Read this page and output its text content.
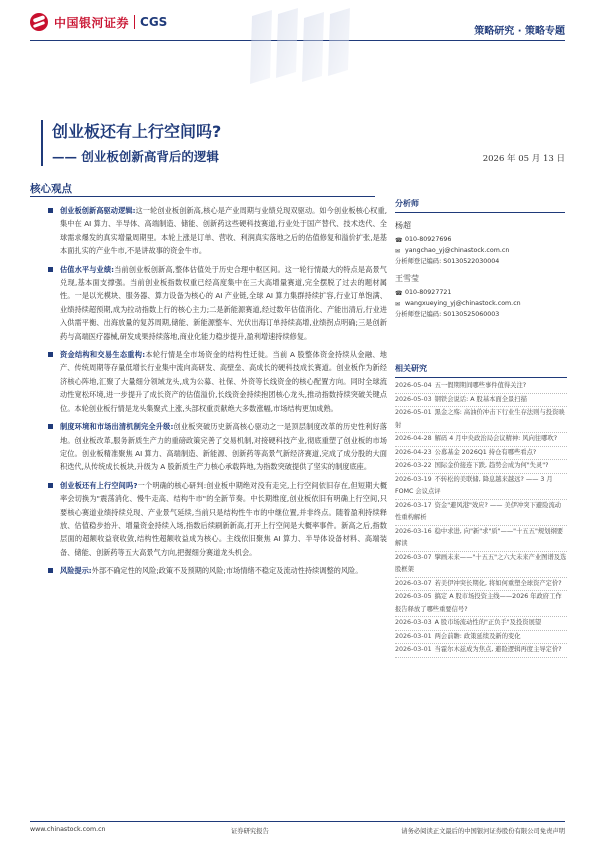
中国银河证券 CGS
策略研究 · 策略专题
创业板还有上行空间吗?
—— 创业板创新高背后的逻辑	2026 年 05 月 13 日
核心观点
创业板创新高驱动逻辑:这一轮创业板创新高,核心是产业周期与业绩兑现双驱动。如今创业板核心权重,集中在 AI 算力、半导体、高端制造、储能、创新药这些硬科技赛道,行业处于国产替代、技术迭代、全球需求爆发的真实增量周期里。本轮上涨是订单、营收、利润真实落地之后的估值修复和溢价扩张,是基本面扎实的产业牛市,不是讲故事的资金牛市。
估值水平与业绩:当前创业板创新高,整体估值处于历史合理中枢区间。这一轮行情最大的特点是高景气兑现,基本面支撑强。当前创业板指数权重已经高度集中在三大高增量赛道,完全摆脱了过去的题材属性。一是以光模块、服务器、算力设备为核心的 AI 产业链,全球 AI 算力集群持续扩容,行业订单饱满、业绩持续超预期,成为拉动指数上行的核心主力;二是新能源赛道,经过数年估值消化、产能出清后,行业进入供需平衡、出海放量的复苏周期,储能、新能源整车、光伏出海订单持续高增,业绩拐点明确;三是创新药与高端医疗器械,研发成果持续落地,商业化能力稳步提升,盈利增速持续修复。
资金结构和交易生态重构:本轮行情是全市场资金的结构性迁徙。当前 A 股整体资金持续从金融、地产、传统周期等存量低增长行业集中流向高研发、高壁垒、高成长的硬科技成长赛道。创业板作为新经济核心阵地,汇聚了大量细分领域龙头,成为公募、社保、外资等长线资金的核心配置方向。同时全球流动性宽松环境,进一步提升了成长资产的估值溢价,长线资金持续抱团核心龙头,推动指数持续突破关键点位。本轮创业板行情是龙头集聚式上涨,头部权重贡献绝大多数涨幅,市场结构更加成熟。
制度环境和市场出清机制完全升级:创业板突破历史新高核心驱动之一是顶层制度改革的历史性利好落地。创业板改革,服务新质生产力的重磅政策完善了交易机制,对接硬科技产业,彻底重塑了创业板的市场定位。创业板精准聚焦 AI 算力、高端制造、新能源、创新药等高景气新经济赛道,完成了成分股的大面积迭代,从传统成长板块,升级为 A 股新质生产力核心承载阵地,为指数突破提供了坚实的制度底座。
创业板还有上行空间吗?一个明确的核心研判:创业板中期绝对没有走完,上行空间依旧存在,但短期大概率会切换为"震荡消化、慢牛走高、结构牛市"的全新节奏。中长期维度,创业板依旧有明确上行空间,只要核心赛道业绩持续兑现、产业景气延续,当前只是结构性牛市的中继位置,并非终点。随着盈利持续释放、估值稳步抬升、增量资金持续入场,指数后续刷新新高,打开上行空间是大概率事件。新高之后,指数层面的超额收益衰收敛,结构性超额收益成为核心。主线依旧聚焦 AI 算力、半导体设备材料、高端装备、储能、创新药等五大高景气方向,把握细分赛道龙头机会。
风险提示:外部不确定性的风险;政策不及预期的风险;市场情绪不稳定及流动性持续调整的风险。
分析师
杨超
☎ 010-80927696
✉ yangchao_yj@chinastock.com.cn
分析师登记编码: S0130522030004
王雪莹
☎ 010-80927721
✉ wangxueying_yj@chinastock.com.cn
分析师登记编码: S0130525060003
相关研究
2026-05-04 五一假期期间哪些事件值得关注?
2026-05-03 钢铁会说话: A 股基本面全景扫描
2026-05-01 黑金之殇: 高油价冲击下行业生存法则与投资映射
2026-04-28 解码 4 月中央政治局会议精神: 风向往哪吹?
2026-04-23 公募基金 2026Q1 持仓有哪些看点?
2026-03-22 国际金价接连下跌, 趋势会成为何"失灵"?
2026-03-19 不转松的美联储, 降息越来越远? —— 3 月 FOMC 会议点评
2026-03-17 资金"避风港"效应? —— 美伊冲突下避险流动性重构解析
2026-03-16 稳中求进, 向"新"求"质"——"十五五"规划纲要解读
2026-03-07 擘画未来——"十五五"之六大未来产业图谱及选股框架
2026-03-07 若美伊冲突长期化, 将如何重塑全球资产定价?
2026-03-05 搞定 A 股市场投资主线——2026 年政府工作报告释放了哪些重要信号?
2026-03-03 A 股市场流动性的"正负手"及投资展望
2026-03-01 两会前瞻: 政策延续及新的变化
2026-03-01 当霍尔木兹成为焦点, 避险逻辑再度主导定价?
www.chinastock.com.cn	证券研究报告	请务必阅读正文最后的中国银河证券股份有限公司免责声明
